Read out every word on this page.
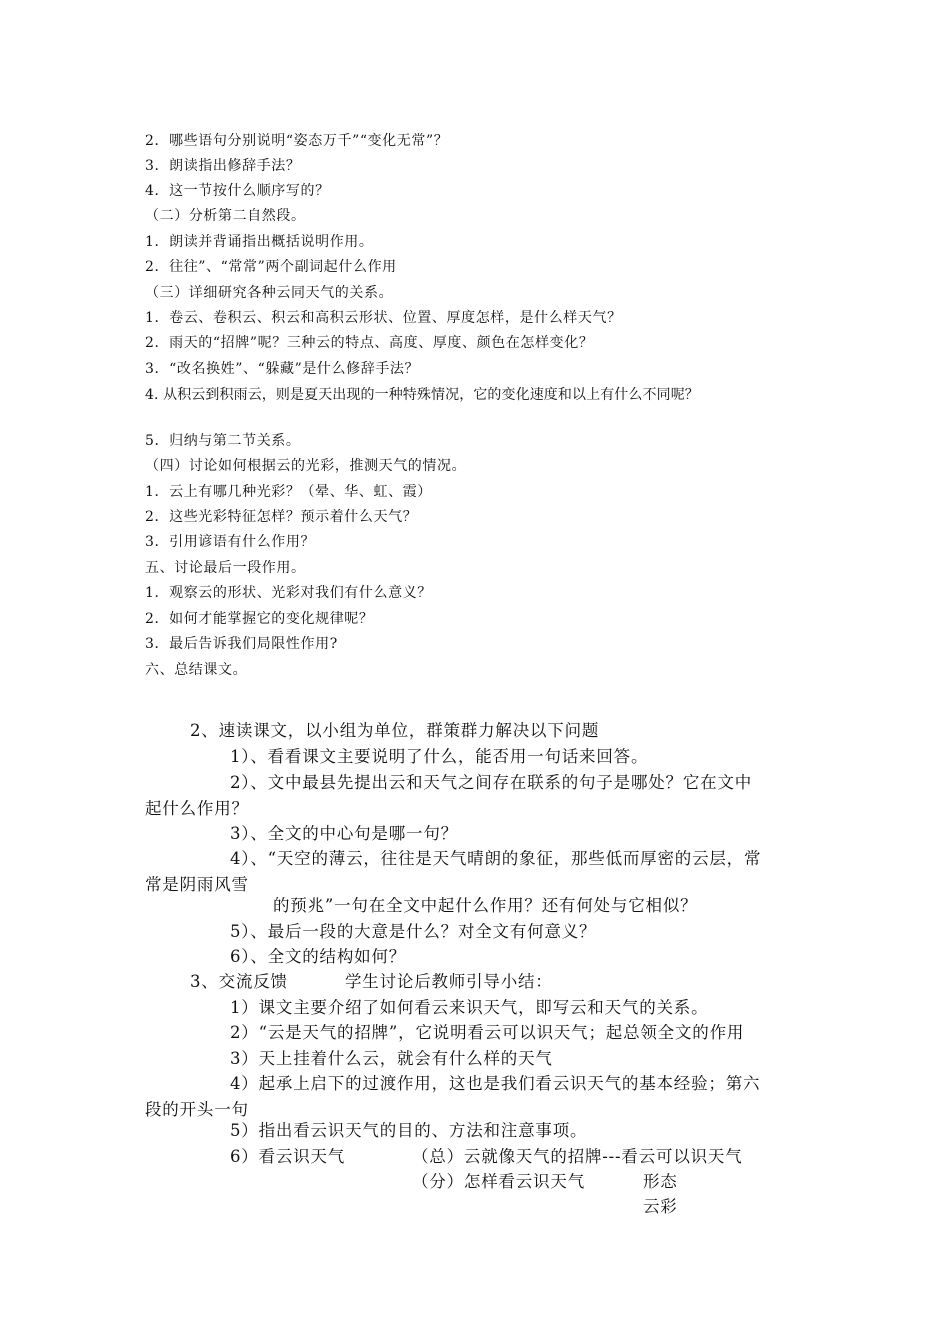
2．哪些语句分别说明“姿态万千”“变化无常”？
3．朗读指出修辞手法？
4．这一节按什么顺序写的？
（二）分析第二自然段。
1．朗读并背诵指出概括说明作用。
2．往往”、“常常”两个副词起什么作用
（三）详细研究各种云同天气的关系。
1．卷云、卷积云、积云和高积云形状、位置、厚度怎样，是什么样天气？
2．雨天的“招牌”呢？三种云的特点、高度、厚度、颜色在怎样变化？
3．“改名换姓”、“躲藏”是什么修辞手法？
4. 从积云到积雨云，则是夏天出现的一种特殊情况，它的变化速度和以上有什么不同呢？
5．归纳与第二节关系。
（四）讨论如何根据云的光彩，推测天气的情况。
1．云上有哪几种光彩？（晕、华、虹、霞）
2．这些光彩特征怎样？预示着什么天气？
3．引用谚语有什么作用？
五、讨论最后一段作用。
1．观察云的形状、光彩对我们有什么意义？
2．如何才能掌握它的变化规律呢？
3．最后告诉我们局限性作用?
六、总结课文。
2、速读课文，以小组为单位，群策群力解决以下问题
1）、看看课文主要说明了什么，能否用一句话来回答。
2）、文中最县先提出云和天气之间存在联系的句子是哪处？它在文中
起什么作用？
3）、全文的中心句是哪一句？
4）、“天空的薄云，往往是天气晴朗的象征，那些低而厚密的云层，常
常是阴雨风雪
的预兆”一句在全文中起什么作用？还有何处与它相似？
5）、最后一段的大意是什么？对全文有何意义？
6）、全文的结构如何？
3、交流反馈	学生讨论后教师引导小结：
1）课文主要介绍了如何看云来识天气，即写云和天气的关系。
2）“云是天气的招牌”，它说明看云可以识天气；起总领全文的作用
3）天上挂着什么云，就会有什么样的天气
4）起承上启下的过渡作用，这也是我们看云识天气的基本经验；第六
段的开头一句
5）指出看云识天气的目的、方法和注意事项。
6）看云识天气	（总）云就像天气的招牌---看云可以识天气
（分）怎样看云识天气	形态
云彩
